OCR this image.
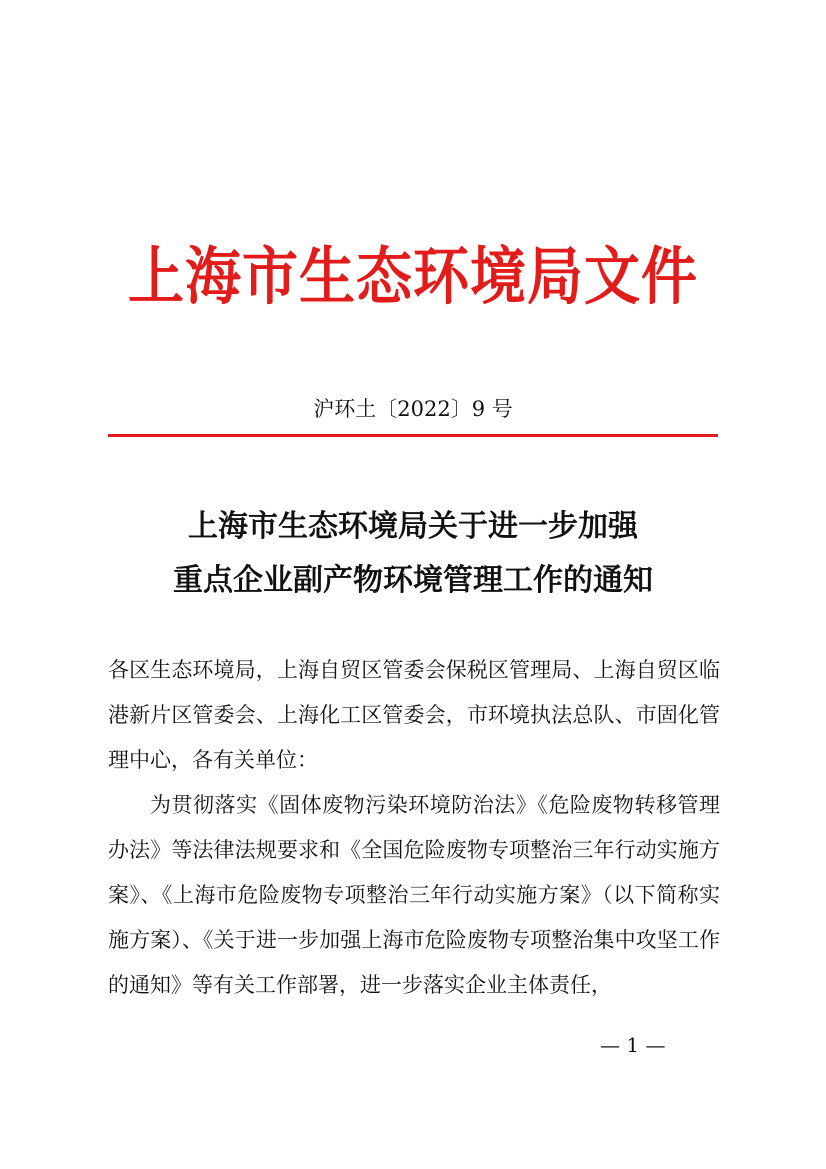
上海市生态环境局文件
沪环土〔2022〕9 号
上海市生态环境局关于进一步加强
重点企业副产物环境管理工作的通知

各区生态环境局，上海自贸区管委会保税区管理局、上海自贸区临港新片区管委会、上海化工区管委会，市环境执法总队、市固化管理中心，各有关单位：

为贯彻落实《固体废物污染环境防治法》《危险废物转移管理办法》等法律法规要求和《全国危险废物专项整治三年行动实施方案》、《上海市危险废物专项整治三年行动实施方案》（以下简称实施方案）、《关于进一步加强上海市危险废物专项整治集中攻坚工作的通知》等有关工作部署，进一步落实企业主体责任，

— 1 —
